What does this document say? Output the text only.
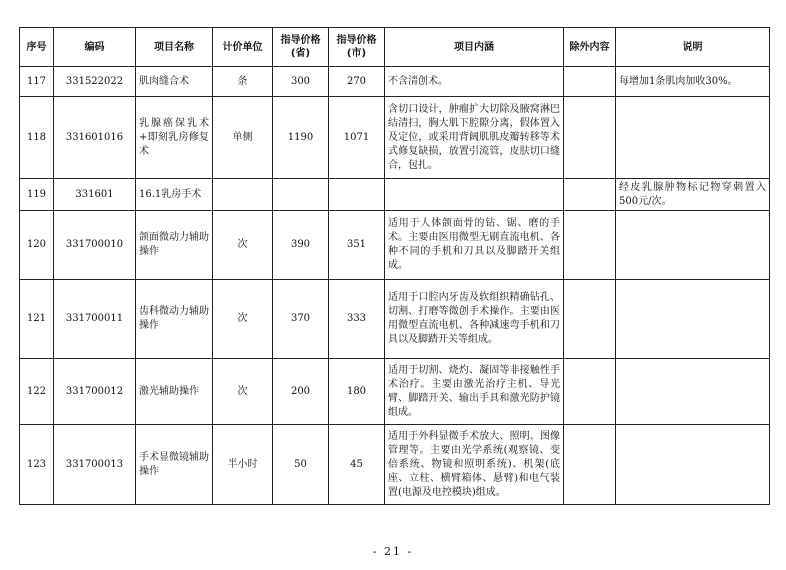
序号	编码	项目名称	计价单位	指导价格(省)	指导价格(市)	项目内涵	除外内容	说明
117	331522022	肌肉缝合术	条	300	270	不含清创术。		每增加1条肌肉加收30%。
118	331601016	乳腺癌保乳术+即刻乳房修复术	单侧	1190	1071	含切口设计，肿瘤扩大切除及腋窝淋巴结清扫，胸大肌下腔隙分离，假体置入及定位，或采用背阔肌肌皮瓣转移等术式修复缺损，放置引流管，皮肤切口缝合，包扎。		
119	331601	16.1乳房手术						经皮乳腺肿物标记物穿刺置入500元/次。
120	331700010	颌面微动力辅助操作	次	390	351	适用于人体颌面骨的钻、锯、磨的手术。主要由医用微型无刷直流电机、各种不同的手机和刀具以及脚踏开关组成。		
121	331700011	齿科微动力辅助操作	次	370	333	适用于口腔内牙齿及软组织精确钻孔、切割、打磨等微创手术操作。主要由医用微型直流电机、各种减速弯手机和刀具以及脚踏开关等组成。		
122	331700012	激光辅助操作	次	200	180	适用于切割、烧灼、凝固等非接触性手术治疗。主要由激光治疗主机、导光臂、脚踏开关、输出手具和激光防护镜组成。		
123	331700013	手术显微镜辅助操作	半小时	50	45	适用于外科显微手术放大、照明、图像管理等。主要由光学系统(观察镜、变倍系统、物镜和照明系统)、机架(底座、立柱、横臂箱体、悬臂)和电气装置(电源及电控模块)组成。		
- 21 -
